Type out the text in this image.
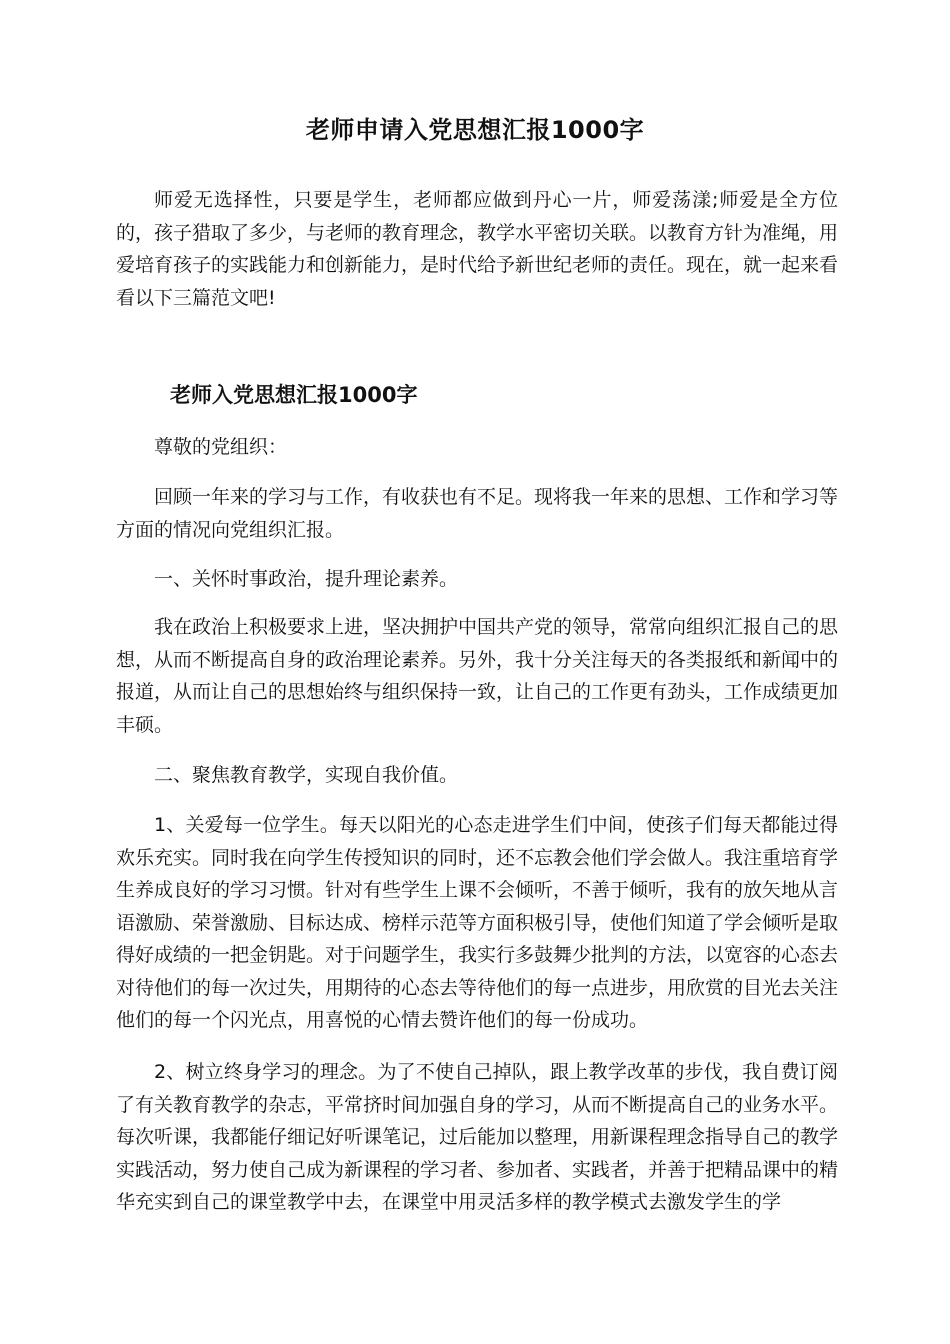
老师申请入党思想汇报1000字

师爱无选择性，只要是学生，老师都应做到丹心一片，师爱荡漾;师爱是全方位的，孩子猎取了多少，与老师的教育理念，教学水平密切关联。以教育方针为准绳，用爱培育孩子的实践能力和创新能力，是时代给予新世纪老师的责任。现在，就一起来看看以下三篇范文吧!

老师入党思想汇报1000字

尊敬的党组织：

回顾一年来的学习与工作，有收获也有不足。现将我一年来的思想、工作和学习等方面的情况向党组织汇报。

一、关怀时事政治，提升理论素养。

我在政治上积极要求上进，坚决拥护中国共产党的领导，常常向组织汇报自己的思想，从而不断提高自身的政治理论素养。另外，我十分关注每天的各类报纸和新闻中的报道，从而让自己的思想始终与组织保持一致，让自己的工作更有劲头，工作成绩更加丰硕。

二、聚焦教育教学，实现自我价值。

1、关爱每一位学生。每天以阳光的心态走进学生们中间，使孩子们每天都能过得欢乐充实。同时我在向学生传授知识的同时，还不忘教会他们学会做人。我注重培育学生养成良好的学习习惯。针对有些学生上课不会倾听，不善于倾听，我有的放矢地从言语激励、荣誉激励、目标达成、榜样示范等方面积极引导，使他们知道了学会倾听是取得好成绩的一把金钥匙。对于问题学生，我实行多鼓舞少批判的方法，以宽容的心态去对待他们的每一次过失，用期待的心态去等待他们的每一点进步，用欣赏的目光去关注他们的每一个闪光点，用喜悦的心情去赞许他们的每一份成功。

2、树立终身学习的理念。为了不使自己掉队，跟上教学改革的步伐，我自费订阅了有关教育教学的杂志，平常挤时间加强自身的学习，从而不断提高自己的业务水平。每次听课，我都能仔细记好听课笔记，过后能加以整理，用新课程理念指导自己的教学实践活动，努力使自己成为新课程的学习者、参加者、实践者，并善于把精品课中的精华充实到自己的课堂教学中去，在课堂中用灵活多样的教学模式去激发学生的学
